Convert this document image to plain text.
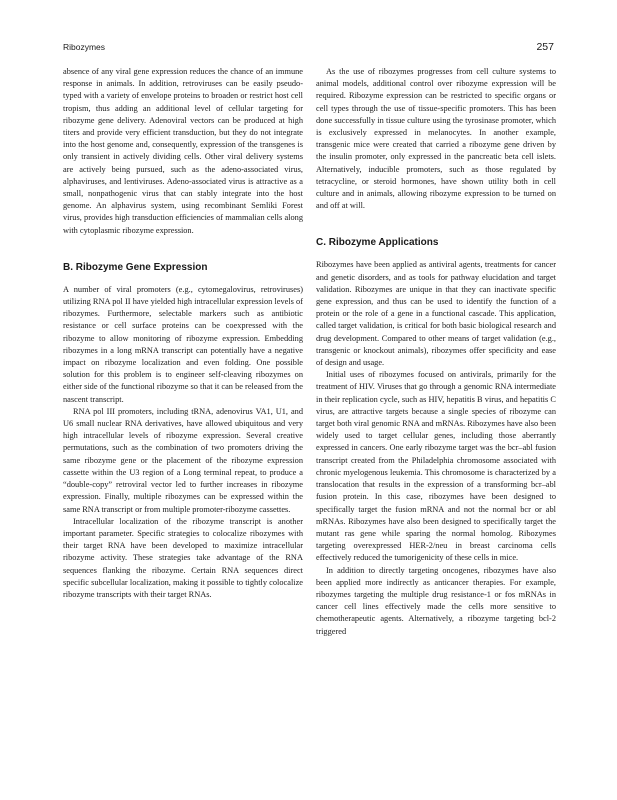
Ribozymes	257

absence of any viral gene expression reduces the chance of an immune response in animals. In addition, retroviruses can be easily pseudo-typed with a variety of envelope proteins to broaden or restrict host cell tropism, thus adding an additional level of cellular targeting for ribozyme gene delivery. Adenoviral vectors can be produced at high titers and provide very efficient transduction, but they do not integrate into the host genome and, consequently, expression of the transgenes is only transient in actively dividing cells. Other viral delivery systems are actively being pursued, such as the adeno-associated virus, alphaviruses, and lentiviruses. Adeno-associated virus is attractive as a small, nonpathogenic virus that can stably integrate into the host genome. An alphavirus system, using recombinant Semliki Forest virus, provides high transduction efficiencies of mammalian cells along with cytoplasmic ribozyme expression.

B. Ribozyme Gene Expression

A number of viral promoters (e.g., cytomegalovirus, retroviruses) utilizing RNA pol II have yielded high intracellular expression levels of ribozymes. Furthermore, selectable markers such as antibiotic resistance or cell surface proteins can be coexpressed with the ribozyme to allow monitoring of ribozyme expression. Embedding ribozymes in a long mRNA transcript can potentially have a negative impact on ribozyme localization and even folding. One possible solution for this problem is to engineer self-cleaving ribozymes on either side of the functional ribozyme so that it can be released from the nascent transcript.

RNA pol III promoters, including tRNA, adenovirus VA1, U1, and U6 small nuclear RNA derivatives, have allowed ubiquitous and very high intracellular levels of ribozyme expression. Several creative permutations, such as the combination of two promoters driving the same ribozyme gene or the placement of the ribozyme expression cassette within the U3 region of a Long terminal repeat, to produce a “double-copy” retroviral vector led to further increases in ribozyme expression. Finally, multiple ribozymes can be expressed within the same RNA transcript or from multiple promoter-ribozyme cassettes.

Intracellular localization of the ribozyme transcript is another important parameter. Specific strategies to colocalize ribozymes with their target RNA have been developed to maximize intracellular ribozyme activity. These strategies take advantage of the RNA sequences flanking the ribozyme. Certain RNA sequences direct specific subcellular localization, making it possible to tightly colocalize ribozyme transcripts with their target RNAs.

As the use of ribozymes progresses from cell culture systems to animal models, additional control over ribozyme expression will be required. Ribozyme expression can be restricted to specific organs or cell types through the use of tissue-specific promoters. This has been done successfully in tissue culture using the tyrosinase promoter, which is exclusively expressed in melanocytes. In another example, transgenic mice were created that carried a ribozyme gene driven by the insulin promoter, only expressed in the pancreatic beta cell islets. Alternatively, inducible promoters, such as those regulated by tetracycline, or steroid hormones, have shown utility both in cell culture and in animals, allowing ribozyme expression to be turned on and off at will.

C. Ribozyme Applications

Ribozymes have been applied as antiviral agents, treatments for cancer and genetic disorders, and as tools for pathway elucidation and target validation. Ribozymes are unique in that they can inactivate specific gene expression, and thus can be used to identify the function of a protein or the role of a gene in a functional cascade. This application, called target validation, is critical for both basic biological research and drug development. Compared to other means of target validation (e.g., transgenic or knockout animals), ribozymes offer specificity and ease of design and usage.

Initial uses of ribozymes focused on antivirals, primarily for the treatment of HIV. Viruses that go through a genomic RNA intermediate in their replication cycle, such as HIV, hepatitis B virus, and hepatitis C virus, are attractive targets because a single species of ribozyme can target both viral genomic RNA and mRNAs. Ribozymes have also been widely used to target cellular genes, including those aberrantly expressed in cancers. One early ribozyme target was the bcr–abl fusion transcript created from the Philadelphia chromosome associated with chronic myelogenous leukemia. This chromosome is characterized by a translocation that results in the expression of a transforming bcr–abl fusion protein. In this case, ribozymes have been designed to specifically target the fusion mRNA and not the normal bcr or abl mRNAs. Ribozymes have also been designed to specifically target the mutant ras gene while sparing the normal homolog. Ribozymes targeting overexpressed HER-2/neu in breast carcinoma cells effectively reduced the tumorigenicity of these cells in mice.

In addition to directly targeting oncogenes, ribozymes have also been applied more indirectly as anticancer therapies. For example, ribozymes targeting the multiple drug resistance-1 or fos mRNAs in cancer cell lines effectively made the cells more sensitive to chemotherapeutic agents. Alternatively, a ribozyme targeting bcl-2 triggered
